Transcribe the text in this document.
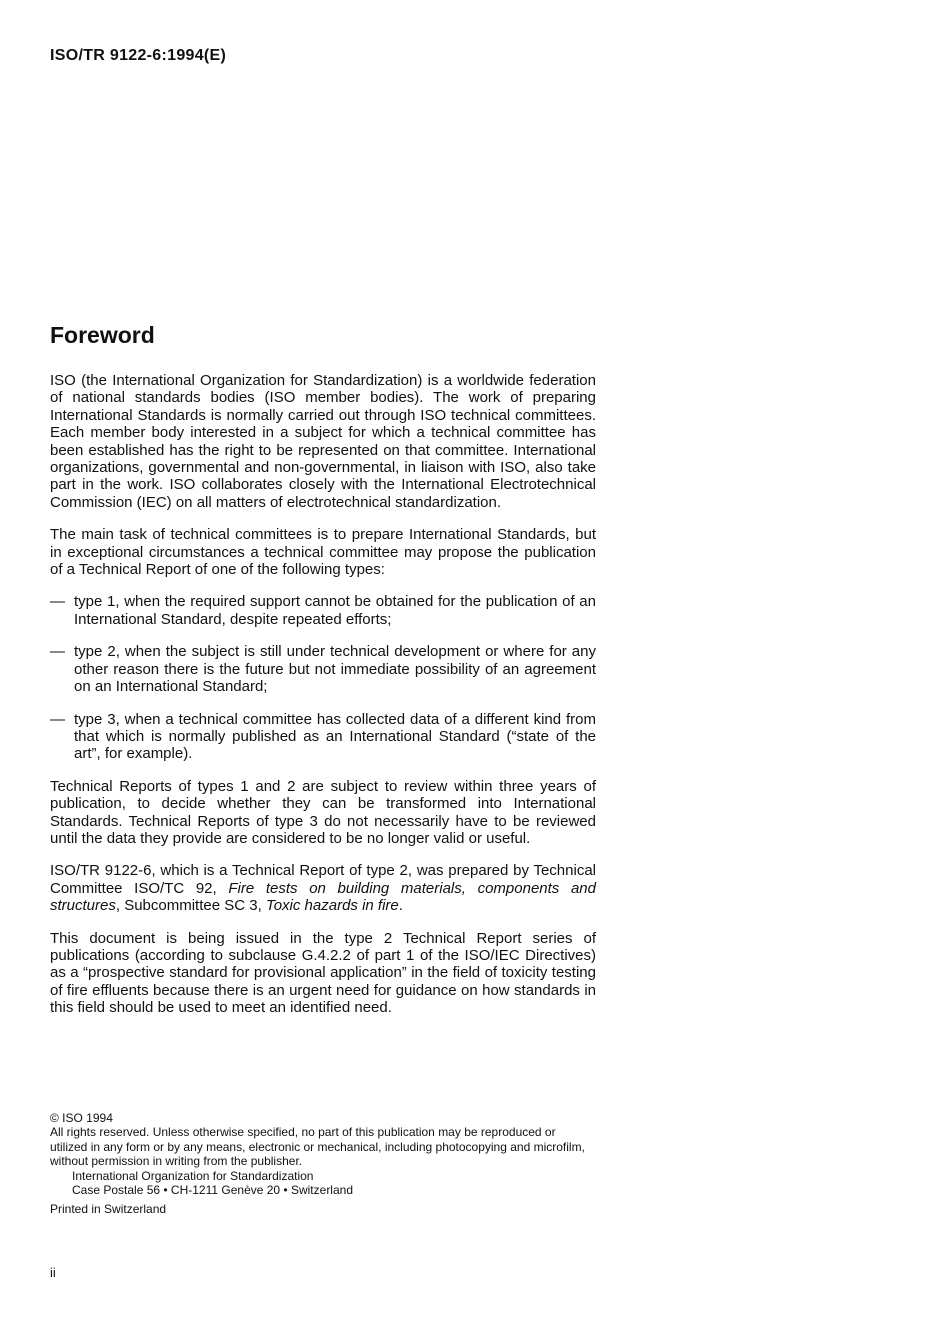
ISO/TR 9122-6:1994(E)
Foreword

ISO (the International Organization for Standardization) is a worldwide federation of national standards bodies (ISO member bodies). The work of preparing International Standards is normally carried out through ISO technical committees. Each member body interested in a subject for which a technical committee has been established has the right to be represented on that committee. International organizations, governmental and non-governmental, in liaison with ISO, also take part in the work. ISO collaborates closely with the International Electrotechnical Commission (IEC) on all matters of electrotechnical standardization.

The main task of technical committees is to prepare International Standards, but in exceptional circumstances a technical committee may propose the publication of a Technical Report of one of the following types:

— type 1, when the required support cannot be obtained for the publication of an International Standard, despite repeated efforts;
— type 2, when the subject is still under technical development or where for any other reason there is the future but not immediate possibility of an agreement on an International Standard;
— type 3, when a technical committee has collected data of a different kind from that which is normally published as an International Standard (“state of the art”, for example).

Technical Reports of types 1 and 2 are subject to review within three years of publication, to decide whether they can be transformed into International Standards. Technical Reports of type 3 do not necessarily have to be reviewed until the data they provide are considered to be no longer valid or useful.

ISO/TR 9122-6, which is a Technical Report of type 2, was prepared by Technical Committee ISO/TC 92, Fire tests on building materials, components and structures, Subcommittee SC 3, Toxic hazards in fire.

This document is being issued in the type 2 Technical Report series of publications (according to subclause G.4.2.2 of part 1 of the ISO/IEC Directives) as a “prospective standard for provisional application” in the field of toxicity testing of fire effluents because there is an urgent need for guidance on how standards in this field should be used to meet an identified need.

© ISO 1994

All rights reserved. Unless otherwise specified, no part of this publication may be reproduced or utilized in any form or by any means, electronic or mechanical, including photocopying and microfilm, without permission in writing from the publisher.

International Organization for Standardization

Case Postale 56 • CH-1211 Genève 20 • Switzerland

Printed in Switzerland

ii
